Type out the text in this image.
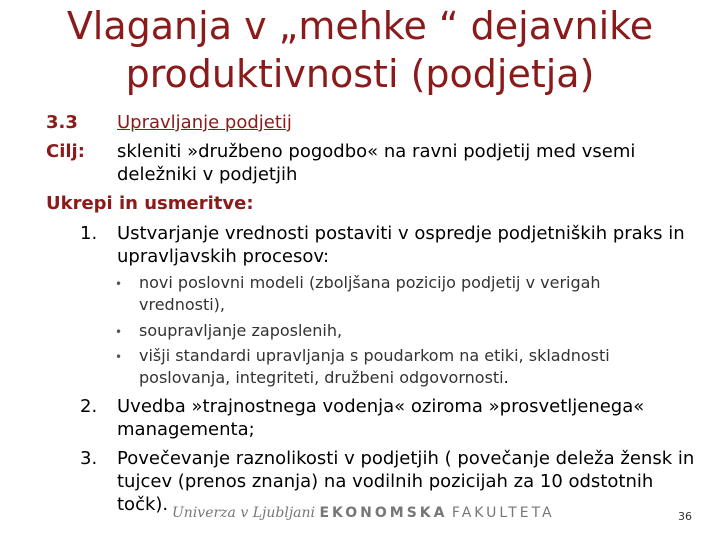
Vlaganja v „mehke “ dejavnike
produktivnosti (podjetja)
3.3 Upravljanje podjetij
Cilj: skleniti »družbeno pogodbo« na ravni podjetij med vsemi
deležniki v podjetjih
Ukrepi in usmeritve:
1. Ustvarjanje vrednosti postaviti v ospredje podjetniških praks in
upravljavskih procesov:
• novi poslovni modeli (zboljšana pozicijo podjetij v verigah
vrednosti),
• soupravljanje zaposlenih,
• višji standardi upravljanja s poudarkom na etiki, skladnosti
poslovanja, integriteti, družbeni odgovornosti.
2. Uvedba »trajnostnega vodenja« oziroma »prosvetljenega«
managementa;
3. Povečevanje raznolikosti v podjetjih ( povečanje deleža žensk in
tujcev (prenos znanja) na vodilnih pozicijah za 10 odstotnih
točk). Univerza v Ljubljani EKONOMSKA FAKULTETA	36
